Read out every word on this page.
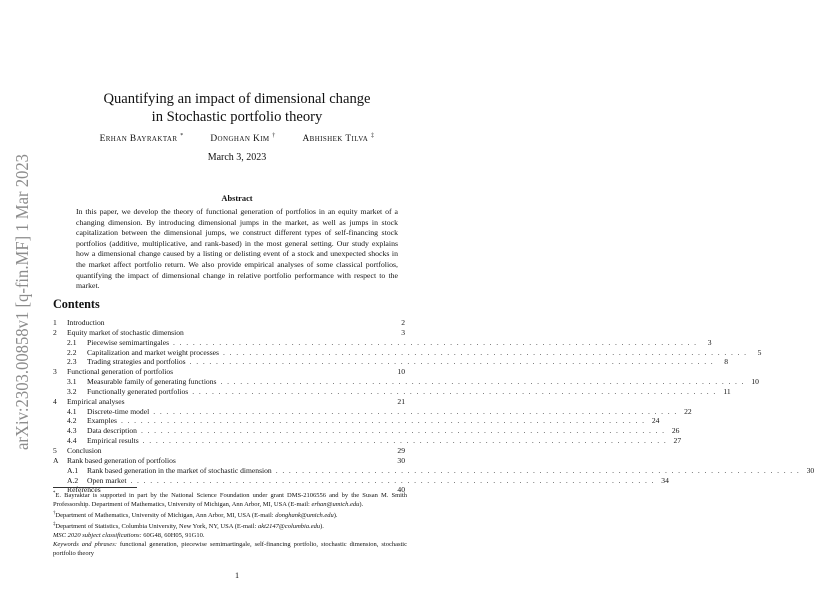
arXiv:2303.00858v1 [q-fin.MF] 1 Mar 2023
Quantifying an impact of dimensional change
in Stochastic portfolio theory
Erhan Bayraktar *	Donghan Kim †	Abhishek Tilva ‡
March 3, 2023
Abstract

In this paper, we develop the theory of functional generation of portfolios in an equity market of a changing dimension. By introducing dimensional jumps in the market, as well as jumps in stock capitalization between the dimensional jumps, we construct different types of self-financing stock portfolios (additive, multiplicative, and rank-based) in the most general setting. Our study explains how a dimensional change caused by a listing or delisting event of a stock and unexpected shocks in the market affect portfolio return. We also provide empirical analyses of some classical portfolios, quantifying the impact of dimensional change in relative portfolio performance with respect to the market.

Contents
1	Introduction	2
2	Equity market of stochastic dimension	3
2.1	Piecewise semimartingales . . . . . . . . . . . . . . . . . . . . . . . . . . . . . . . . . . . . . . . . . . . . . . . . . . . . . . . . . . . . . . . . . . . . . . . . . . . . . . . .	3
2.2	Capitalization and market weight processes . . . . . . . . . . . . . . . . . . . . . . . . . . . . . . . . . . . . . . . . . . . . . . . . . . . . . . . . . . . . . . . . . . . . . . . . . . . . . . . .	5
2.3	Trading strategies and portfolios . . . . . . . . . . . . . . . . . . . . . . . . . . . . . . . . . . . . . . . . . . . . . . . . . . . . . . . . . . . . . . . . . . . . . . . . . . . . . . . .	8
3	Functional generation of portfolios	10
3.1	Measurable family of generating functions . . . . . . . . . . . . . . . . . . . . . . . . . . . . . . . . . . . . . . . . . . . . . . . . . . . . . . . . . . . . . . . . . . . . . . . . . . . . . . . . 10
3.2	Functionally generated portfolios . . . . . . . . . . . . . . . . . . . . . . . . . . . . . . . . . . . . . . . . . . . . . . . . . . . . . . . . . . . . . . . . . . . . . . . . . . . . . . . . 11
4	Empirical analyses	21
4.1	Discrete-time model . . . . . . . . . . . . . . . . . . . . . . . . . . . . . . . . . . . . . . . . . . . . . . . . . . . . . . . . . . . . . . . . . . . . . . . . . . . . . . . . 22
4.2	Examples . . . . . . . . . . . . . . . . . . . . . . . . . . . . . . . . . . . . . . . . . . . . . . . . . . . . . . . . . . . . . . . . . . . . . . . . . . . . . . . . 24
4.3	Data description . . . . . . . . . . . . . . . . . . . . . . . . . . . . . . . . . . . . . . . . . . . . . . . . . . . . . . . . . . . . . . . . . . . . . . . . . . . . . . . . 26
4.4	Empirical results . . . . . . . . . . . . . . . . . . . . . . . . . . . . . . . . . . . . . . . . . . . . . . . . . . . . . . . . . . . . . . . . . . . . . . . . . . . . . . . . 27
5	Conclusion	29
A	Rank based generation of portfolios	30
A.1	Rank based generation in the market of stochastic dimension . . . . . . . . . . . . . . . . . . . . . . . . . . . . . . . . . . . . . . . . . . . . . . . . . . . . . . . . . . . . . . . . . . . . . . . . . . . . . . . . 30
A.2	Open market . . . . . . . . . . . . . . . . . . . . . . . . . . . . . . . . . . . . . . . . . . . . . . . . . . . . . . . . . . . . . . . . . . . . . . . . . . . . . . . . 34
References	40

*E. Bayraktar is supported in part by the National Science Foundation under grant DMS-2106556 and by the Susan M. Smith Professorship. Department of Mathematics, University of Michigan, Ann Arbor, MI, USA (E-mail: erhan@umich.edu).

†Department of Mathematics, University of Michigan, Ann Arbor, MI, USA (E-mail: donghank@umich.edu).

‡Department of Statistics, Columbia University, New York, NY, USA (E-mail: akt2147@columbia.edu).

MSC 2020 subject classifications: 60G48, 60H05, 91G10.

Keywords and phrases: functional generation, piecewise semimartingale, self-financing portfolio, stochastic dimension, stochastic portfolio theory

1
